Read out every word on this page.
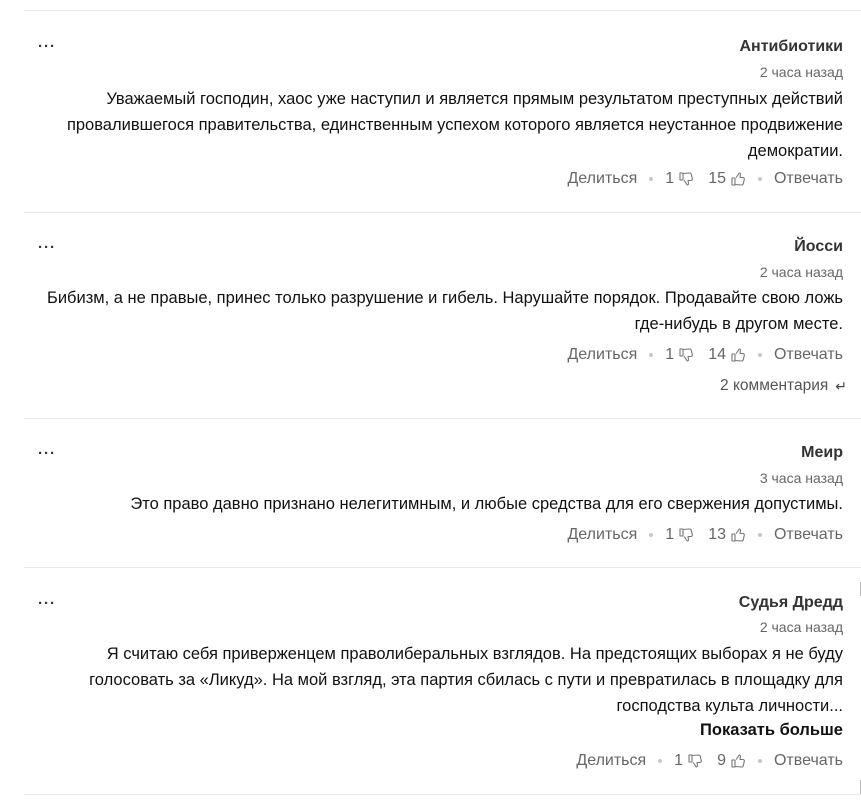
···	Антибиотики
2 часа назад
Уважаемый господин, хаос уже наступил и является прямым результатом преступных действий провалившегося правительства, единственным успехом которого является неустанное продвижение демократии.
Делиться 1 15	Отвечать
···	Йосси
2 часа назад
Бибизм, а не правые, принес только разрушение и гибель. Нарушайте порядок. Продавайте свою ложь где-нибудь в другом месте.
Делиться 1 14	Отвечать
2 комментария ↵
···	Меир
3 часа назад
Это право давно признано нелегитимным, и любые средства для его свержения допустимы.
Делиться 1 13	Отвечать
···	Судья Дредд
2 часа назад
Я считаю себя приверженцем праволиберальных взглядов. На предстоящих выборах я не буду голосовать за «Ликуд». На мой взгляд, эта партия сбилась с пути и превратилась в площадку для господства культа личности...
Показать больше
Делиться 1 9	Отвечать
